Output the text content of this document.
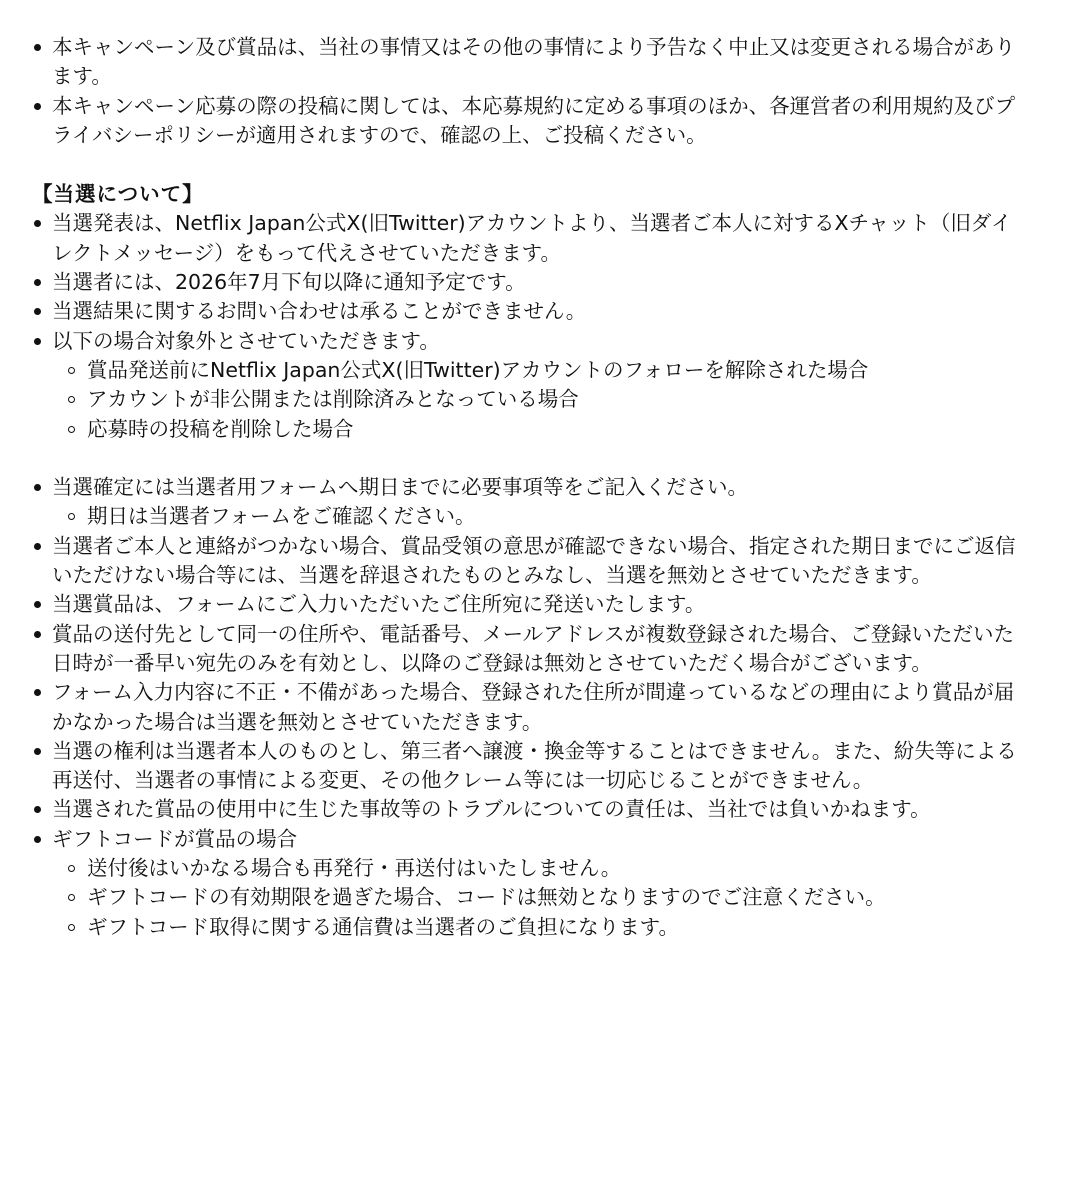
本キャンペーン及び賞品は、当社の事情又はその他の事情により予告なく中止又は変更される場合があります。
本キャンペーン応募の際の投稿に関しては、本応募規約に定める事項のほか、各運営者の利用規約及びプライバシーポリシーが適用されますので、確認の上、ご投稿ください。
【当選について】
当選発表は、Netflix Japan公式X(旧Twitter)アカウントより、当選者ご本人に対するXチャット（旧ダイレクトメッセージ）をもって代えさせていただきます。
当選者には、2026年7月下旬以降に通知予定です。
当選結果に関するお問い合わせは承ることができません。
以下の場合対象外とさせていただきます。
賞品発送前にNetflix Japan公式X(旧Twitter)アカウントのフォローを解除された場合
アカウントが非公開または削除済みとなっている場合
応募時の投稿を削除した場合
当選確定には当選者用フォームへ期日までに必要事項等をご記入ください。
期日は当選者フォームをご確認ください。
当選者ご本人と連絡がつかない場合、賞品受領の意思が確認できない場合、指定された期日までにご返信いただけない場合等には、当選を辞退されたものとみなし、当選を無効とさせていただきます。
当選賞品は、フォームにご入力いただいたご住所宛に発送いたします。
賞品の送付先として同一の住所や、電話番号、メールアドレスが複数登録された場合、ご登録いただいた日時が一番早い宛先のみを有効とし、以降のご登録は無効とさせていただく場合がございます。
フォーム入力内容に不正・不備があった場合、登録された住所が間違っているなどの理由により賞品が届かなかった場合は当選を無効とさせていただきます。
当選の権利は当選者本人のものとし、第三者へ譲渡・換金等することはできません。また、紛失等による再送付、当選者の事情による変更、その他クレーム等には一切応じることができません。
当選された賞品の使用中に生じた事故等のトラブルについての責任は、当社では負いかねます。
ギフトコードが賞品の場合
送付後はいかなる場合も再発行・再送付はいたしません。
ギフトコードの有効期限を過ぎた場合、コードは無効となりますのでご注意ください。
ギフトコード取得に関する通信費は当選者のご負担になります。
